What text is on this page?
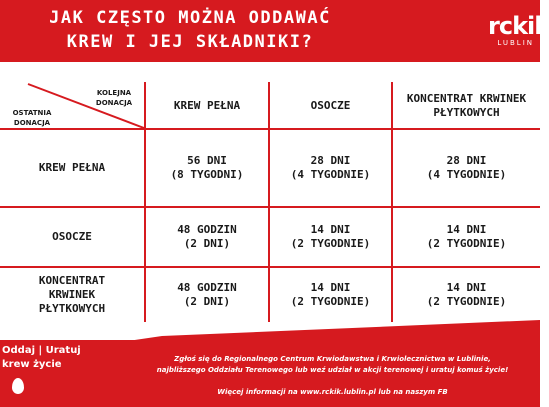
JAK CZĘSTO MOŻNA ODDAWAĆ
KREW I JEJ SKŁADNIKI?
rckik
LUBLIN
KOLEJNA DONACJA
OSTATNIA DONACJA
KREW PEŁNA	OSOCZE
KONCENTRAT KRWINEK PŁYTKOWYCH
KREW PEŁNA
56 DNI
(8 TYGODNI)
28 DNI
(4 TYGODNIE)
28 DNI
(4 TYGODNIE)
OSOCZE
48 GODZIN
(2 DNI)
14 DNI
(2 TYGODNIE)
14 DNI
(2 TYGODNIE)
KONCENTRAT KRWINEK PŁYTKOWYCH
48 GODZIN
(2 DNI)
14 DNI
(2 TYGODNIE)
14 DNI
(2 TYGODNIE)
Oddaj | Uratuj
krew życie	Zgłoś się do Regionalnego Centrum Krwiodawstwa i Krwiolecznictwa w Lublinie,
najbliższego Oddziału Terenowego lub weź udział w akcji terenowej i uratuj komuś życie!
Więcej informacji na www.rckik.lublin.pl lub na naszym FB
